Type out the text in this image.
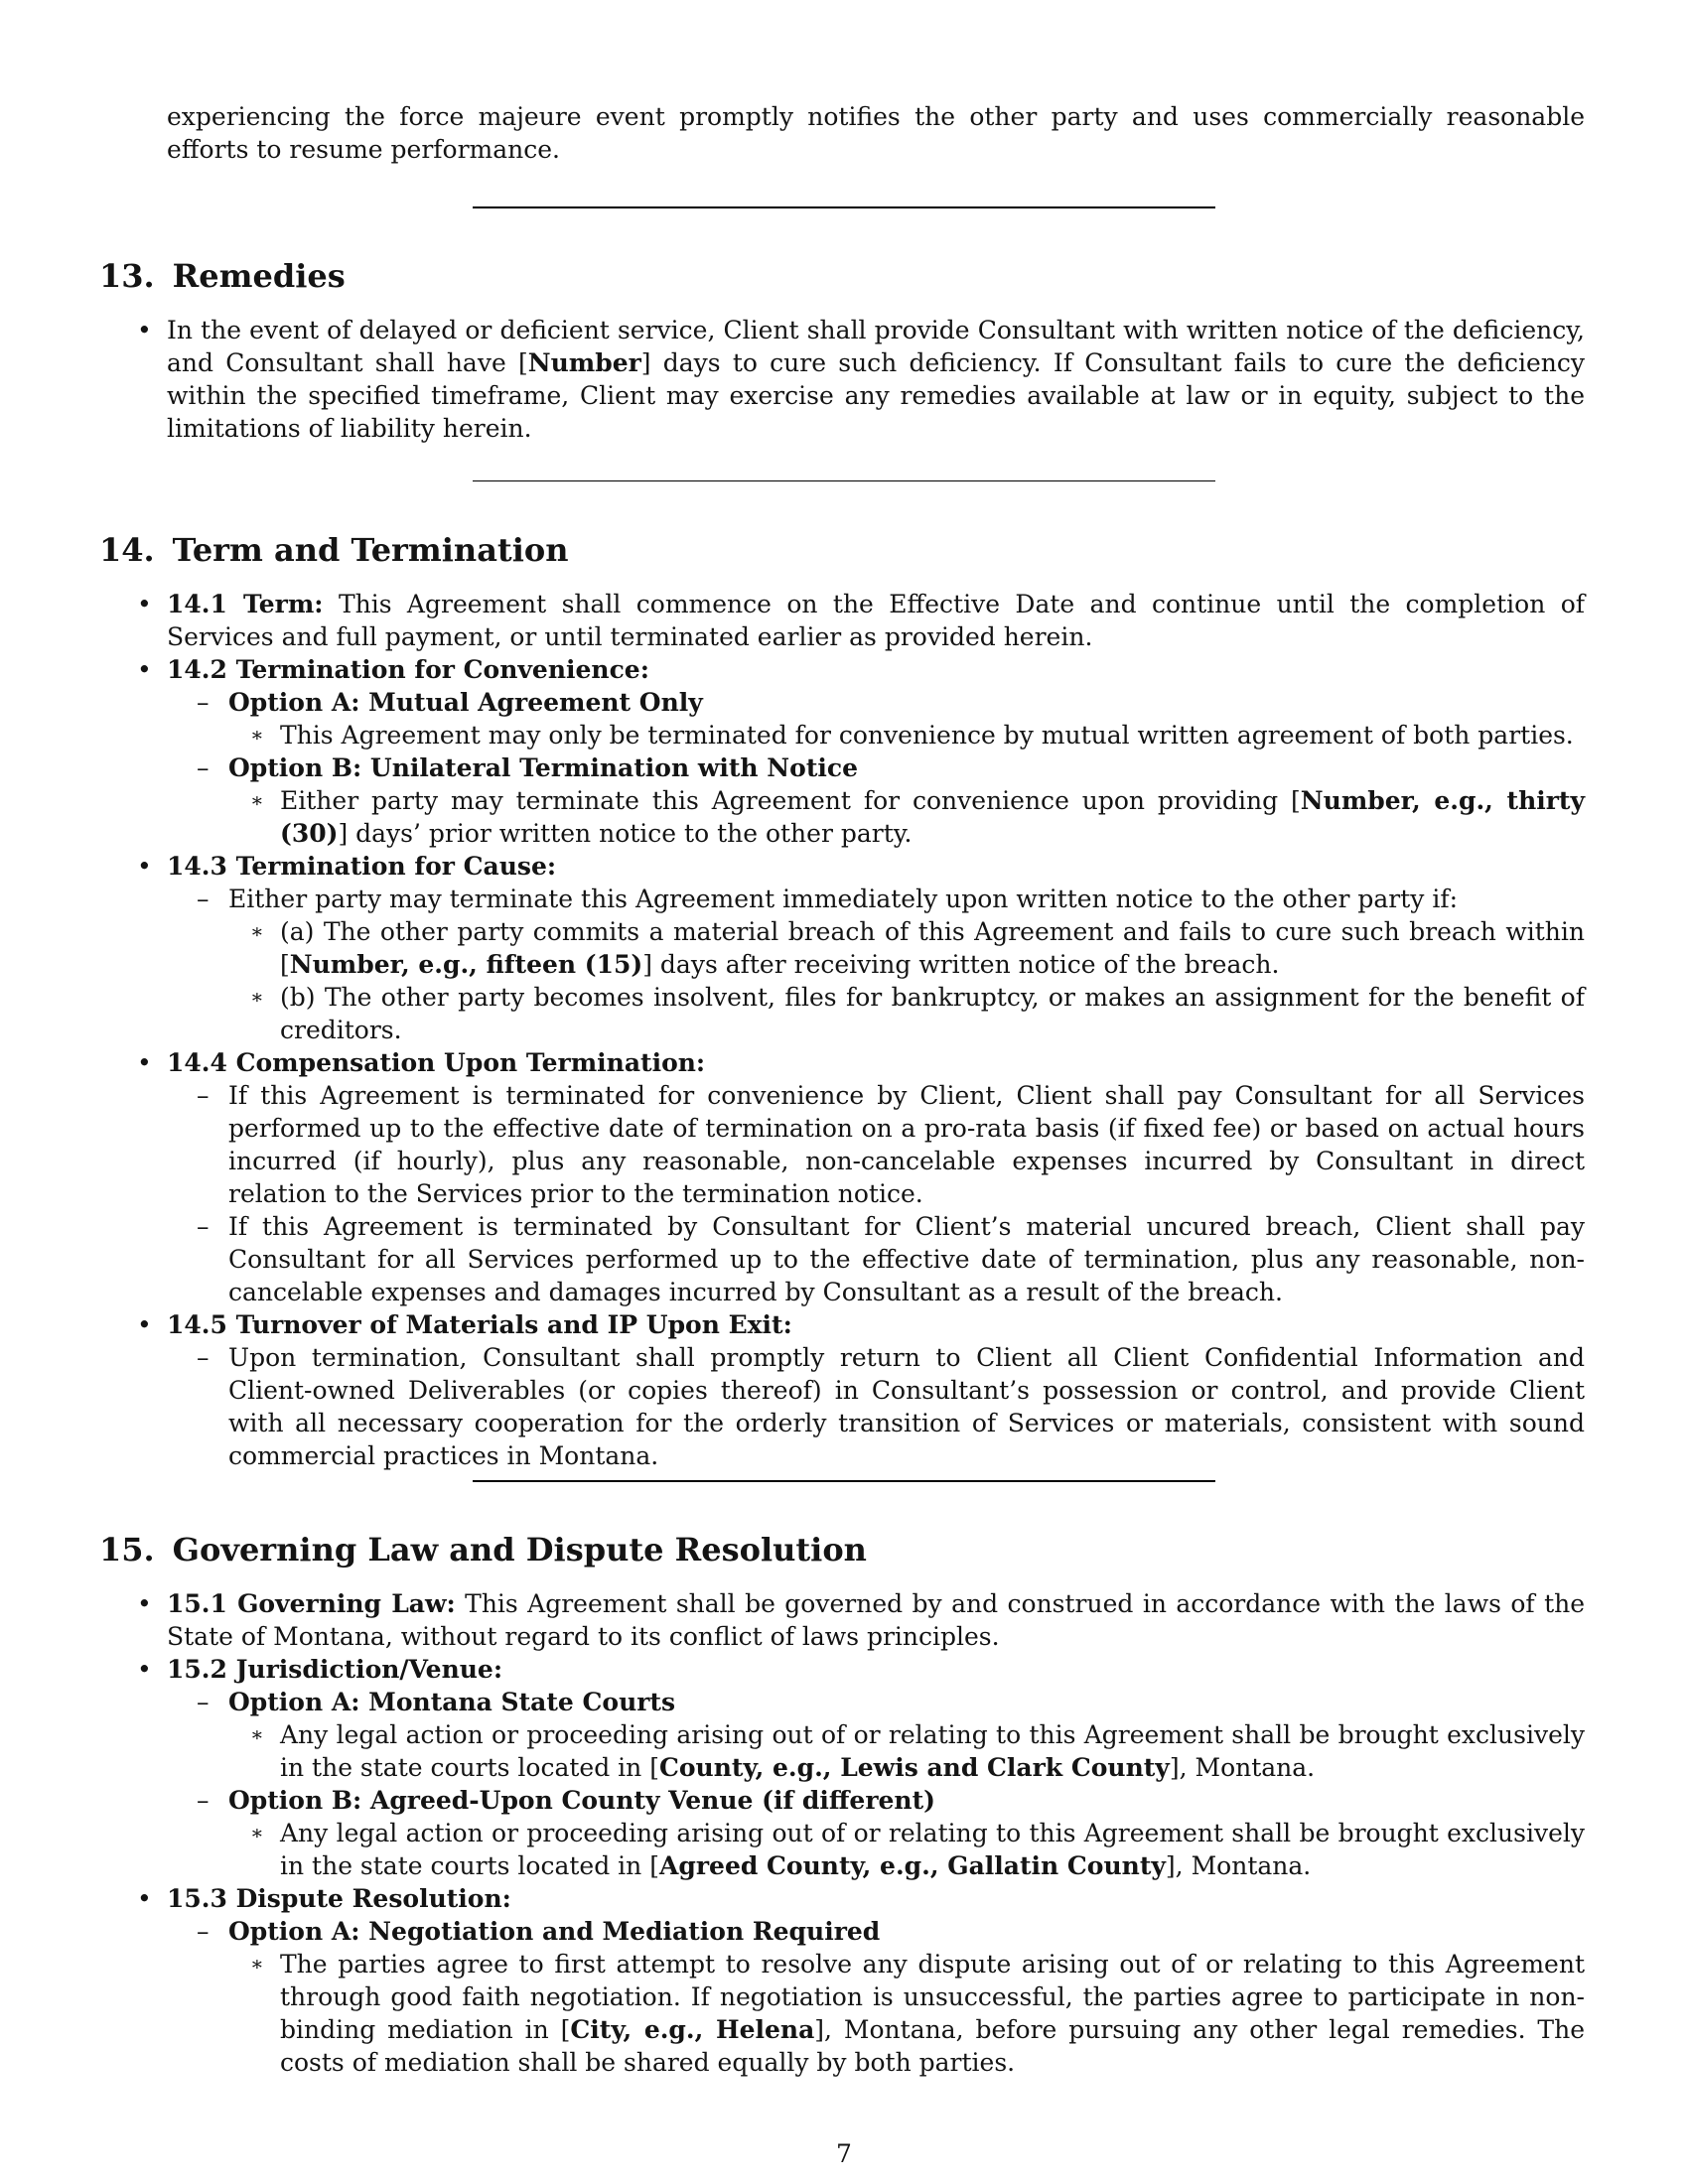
experiencing the force majeure event promptly notifies the other party and uses commercially reasonable efforts to resume performance.

13. Remedies
• In the event of delayed or deficient service, Client shall provide Consultant with written notice of the deficiency, and Consultant shall have [Number] days to cure such deficiency. If Consultant fails to cure the deficiency within the specified timeframe, Client may exercise any remedies available at law or in equity, subject to the limitations of liability herein.
14. Term and Termination
• 14.1 Term: This Agreement shall commence on the Effective Date and continue until the completion of Services and full payment, or until terminated earlier as provided herein.
• 14.2 Termination for Convenience:
– Option A: Mutual Agreement Only
∗ This Agreement may only be terminated for convenience by mutual written agreement of both parties.
– Option B: Unilateral Termination with Notice
∗ Either party may terminate this Agreement for convenience upon providing [Number, e.g., thirty (30)] days’ prior written notice to the other party.
• 14.3 Termination for Cause:
– Either party may terminate this Agreement immediately upon written notice to the other party if:
∗ (a) The other party commits a material breach of this Agreement and fails to cure such breach within [Number, e.g., fifteen (15)] days after receiving written notice of the breach.
∗ (b) The other party becomes insolvent, files for bankruptcy, or makes an assignment for the benefit of creditors.
• 14.4 Compensation Upon Termination:
– If this Agreement is terminated for convenience by Client, Client shall pay Consultant for all Services performed up to the effective date of termination on a pro-rata basis (if fixed fee) or based on actual hours incurred (if hourly), plus any reasonable, non-cancelable expenses incurred by Consultant in direct relation to the Services prior to the termination notice.
– If this Agreement is terminated by Consultant for Client’s material uncured breach, Client shall pay Consultant for all Services performed up to the effective date of termination, plus any reasonable, non-cancelable expenses and damages incurred by Consultant as a result of the breach.
• 14.5 Turnover of Materials and IP Upon Exit:
– Upon termination, Consultant shall promptly return to Client all Client Confidential Information and Client-owned Deliverables (or copies thereof) in Consultant’s possession or control, and provide Client with all necessary cooperation for the orderly transition of Services or materials, consistent with sound commercial practices in Montana.
15. Governing Law and Dispute Resolution
• 15.1 Governing Law: This Agreement shall be governed by and construed in accordance with the laws of the State of Montana, without regard to its conflict of laws principles.
• 15.2 Jurisdiction/Venue:
– Option A: Montana State Courts
∗ Any legal action or proceeding arising out of or relating to this Agreement shall be brought exclusively in the state courts located in [County, e.g., Lewis and Clark County], Montana.
– Option B: Agreed-Upon County Venue (if different)
∗ Any legal action or proceeding arising out of or relating to this Agreement shall be brought exclusively in the state courts located in [Agreed County, e.g., Gallatin County], Montana.
• 15.3 Dispute Resolution:
– Option A: Negotiation and Mediation Required
∗ The parties agree to first attempt to resolve any dispute arising out of or relating to this Agreement through good faith negotiation. If negotiation is unsuccessful, the parties agree to participate in non-binding mediation in [City, e.g., Helena], Montana, before pursuing any other legal remedies. The costs of mediation shall be shared equally by both parties.
7
